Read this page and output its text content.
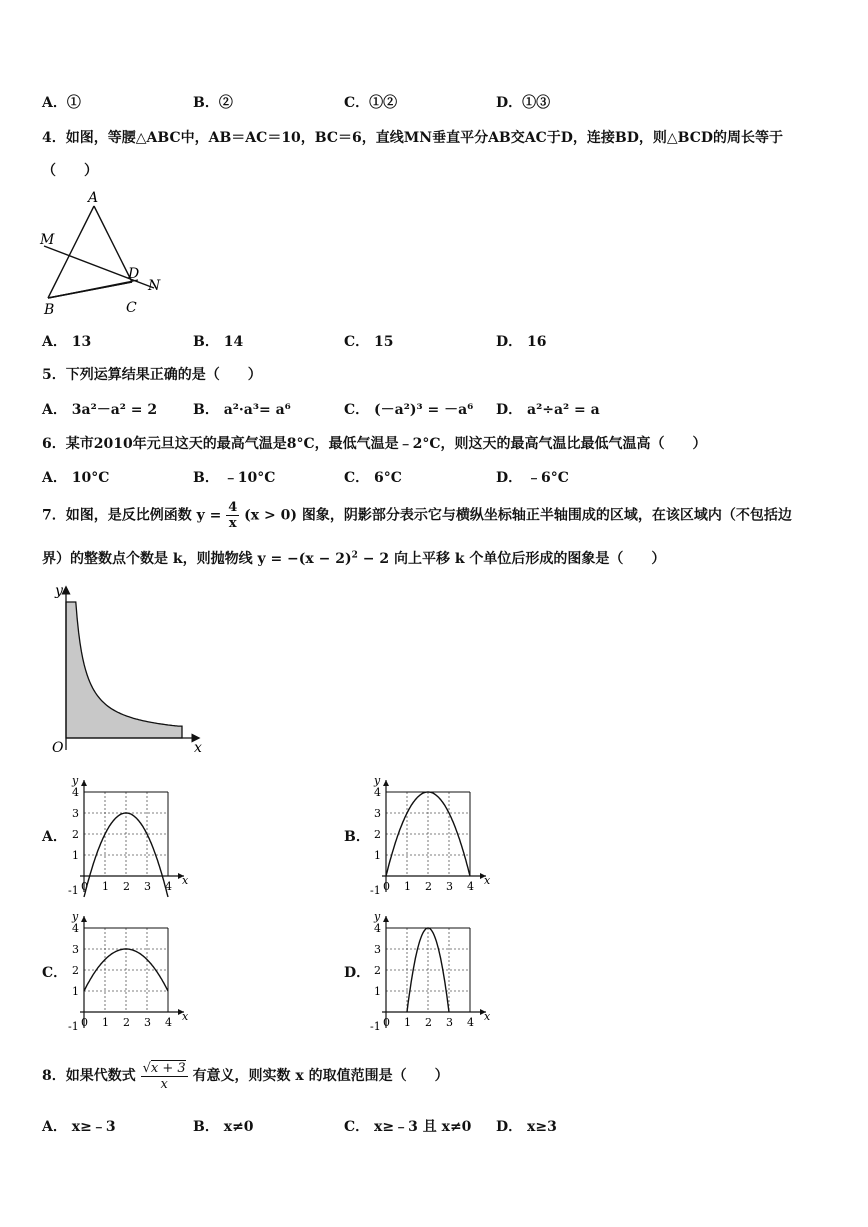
A．①	B．②	C．①②	D．①③
4．如图，等腰△ABC中，AB＝AC＝10，BC＝6，直线MN垂直平分AB交AC于D，连接BD，则△BCD的周长等于
（　　）
A
M
D
N
B	C
A． 13	B． 14	C． 15	D． 16
5．下列运算结果正确的是（　　）
A． 3a²－a² = 2	B． a²·a³= a⁶	C． (－a²)³ = －a⁶ D． a²÷a² = a
6．某市2010年元旦这天的最高气温是8°C，最低气温是﹣2°C，则这天的最高气温比最低气温高（　　）
A． 10°C	B． ﹣10°C	C． 6°C	D． ﹣6°C
7．如图，是反比例函数 $y = \frac{4}{x} (x > 0)$ 图象，阴影部分表示它与横纵坐标轴正半轴围成的区域，在该区域内（不包括边
界）的整数点个数是 k，则抛物线 $y = -(x - 2)^2 - 2$ 向上平移 k 个单位后形成的图象是（　　）
y
x
O
A．	B．
C．	D．
y
x
0 1 2 3 4
1
2
3
4
-1
y
x
0 1 2 3 4
1
2
3
4
-1
y
x
0 1 2 3 4
1
2
3
4
-1
y
x
0 1 2 3 4
1
2
3
4
-1
8．如果代数式 $\frac{√x + 3}{x}$ 有意义，则实数 x 的取值范围是（　　）
A． x≥﹣3	B． x≠0	C． x≥﹣3 且 x≠0 D． x≥3
